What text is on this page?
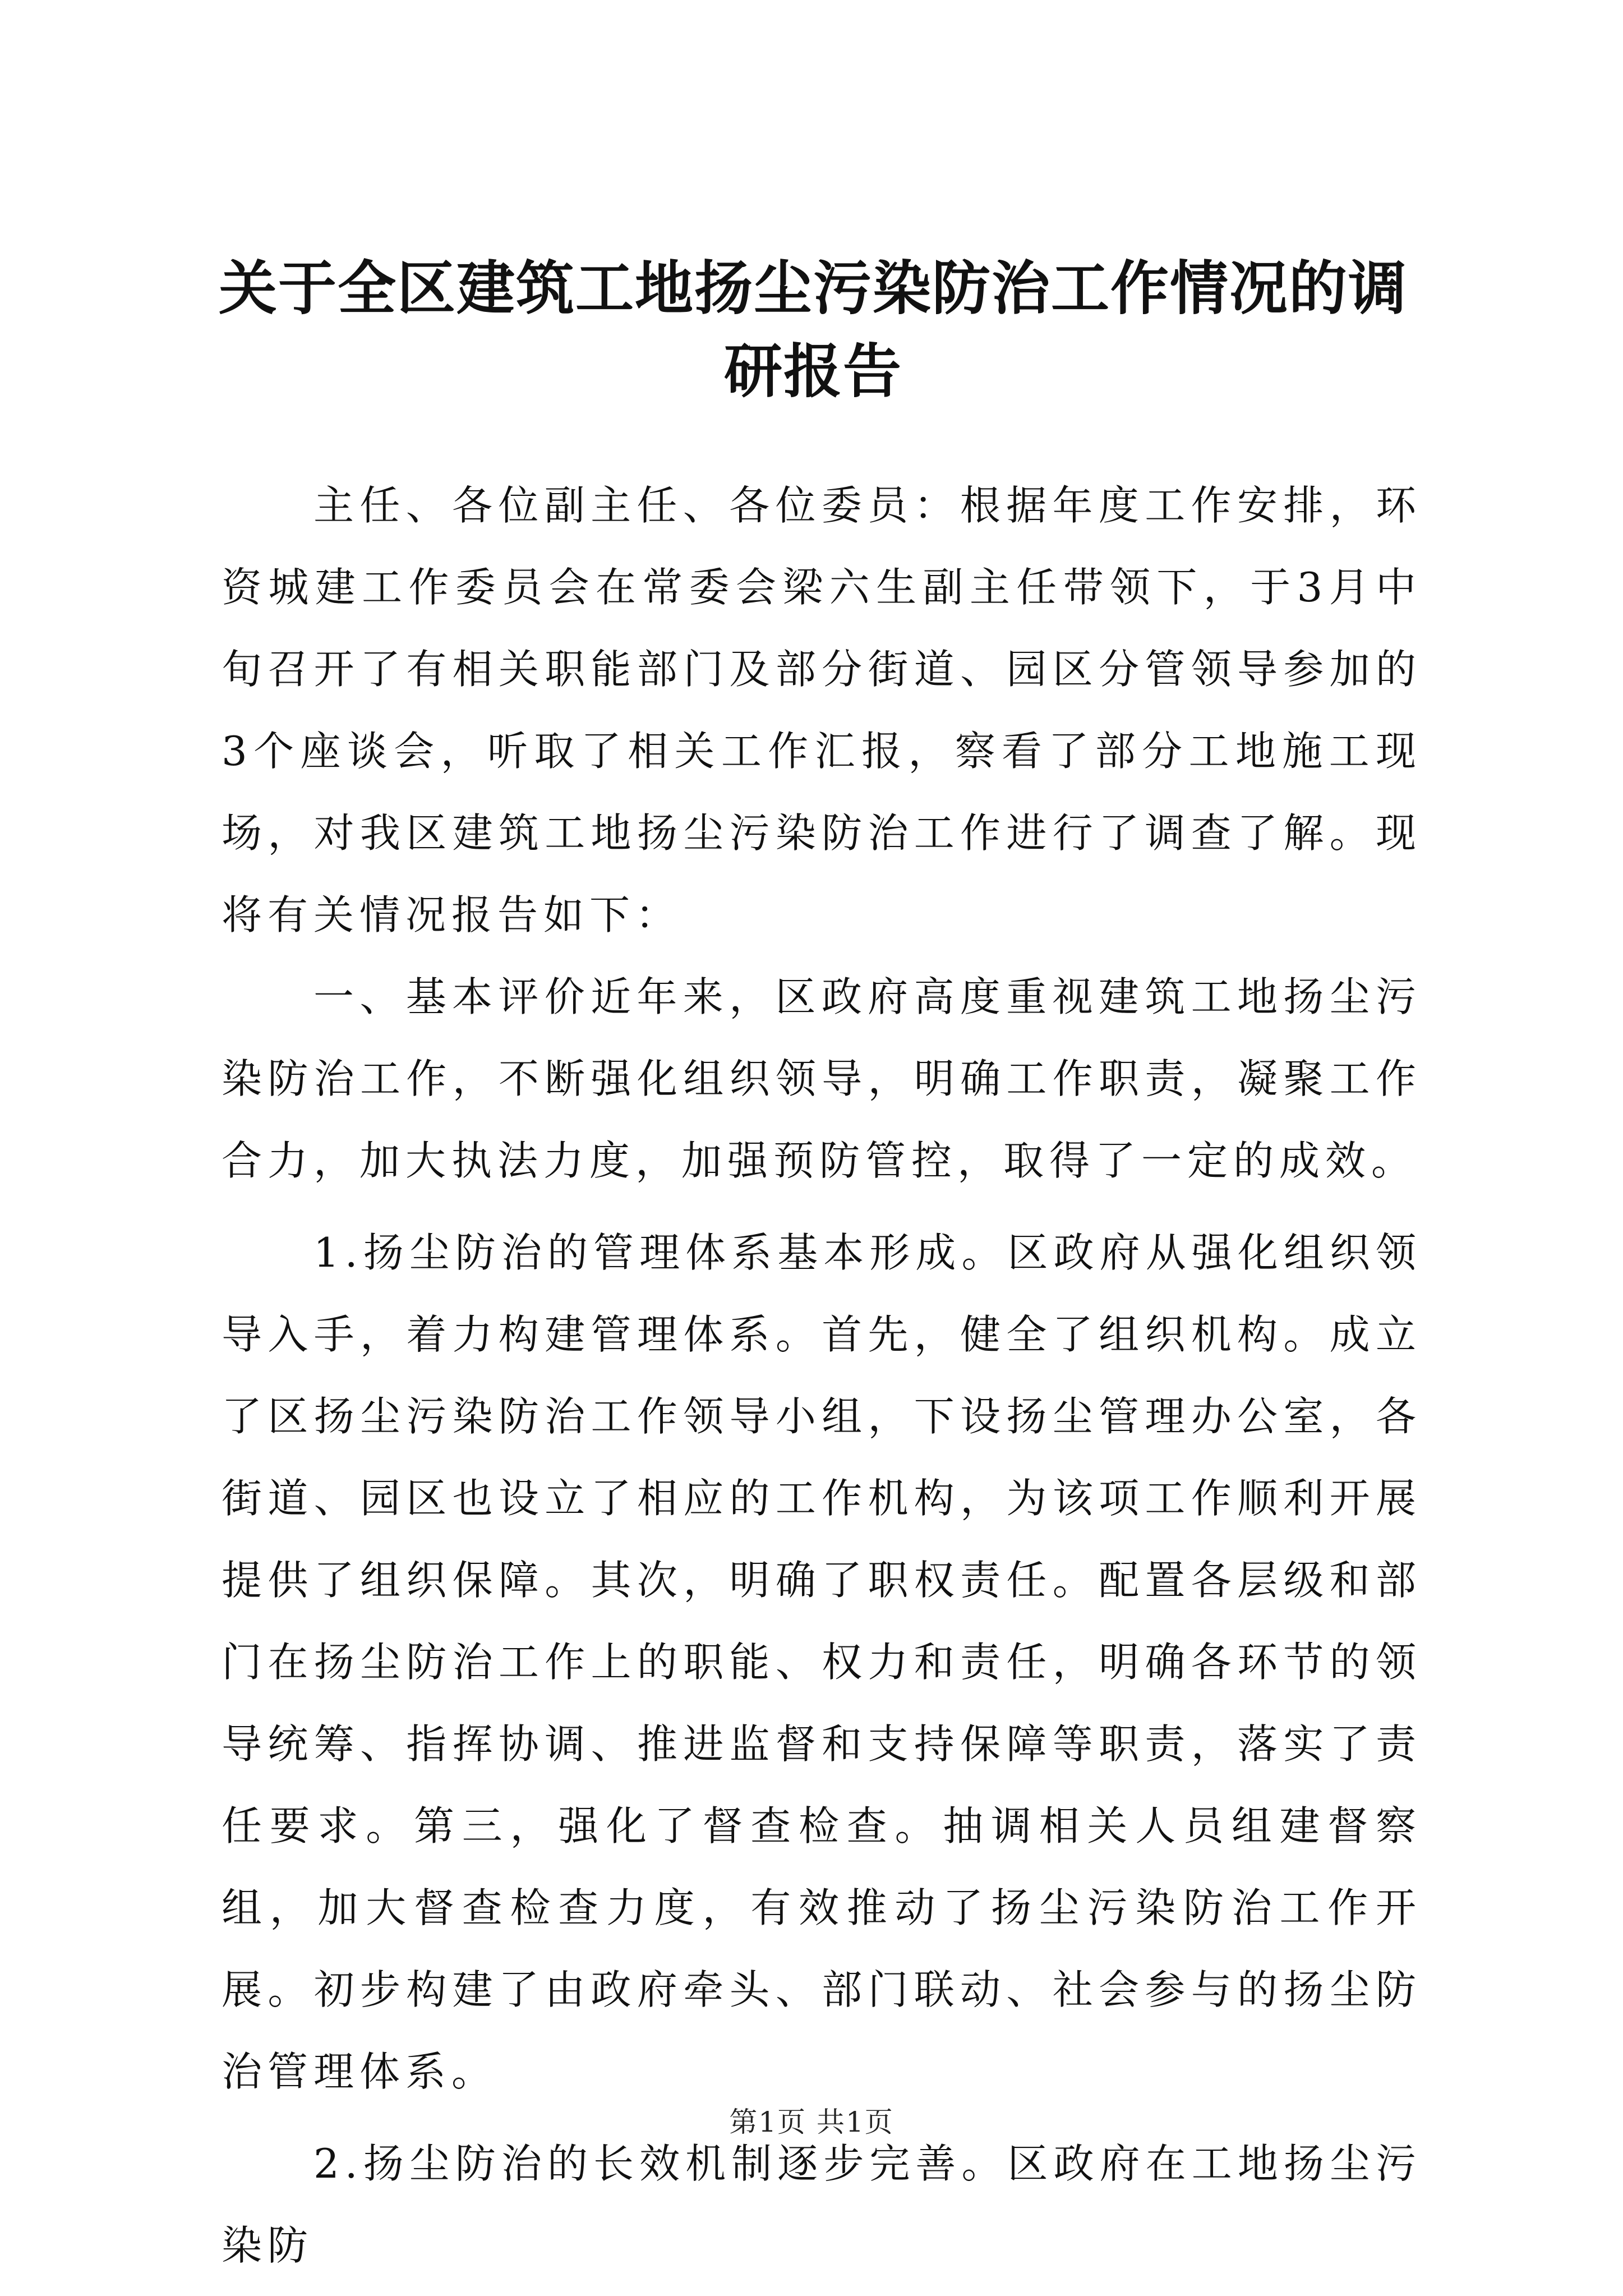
关于全区建筑工地扬尘污染防治工作情况的调
研报告

主任、各位副主任、各位委员：根据年度工作安排，环资城建工作委员会在常委会梁六生副主任带领下，于3月中旬召开了有相关职能部门及部分街道、园区分管领导参加的3个座谈会，听取了相关工作汇报，察看了部分工地施工现场，对我区建筑工地扬尘污染防治工作进行了调查了解。现将有关情况报告如下：

一、基本评价近年来，区政府高度重视建筑工地扬尘污染防治工作，不断强化组织领导，明确工作职责，凝聚工作合力，加大执法力度，加强预防管控，取得了一定的成效。

1.扬尘防治的管理体系基本形成。区政府从强化组织领导入手，着力构建管理体系。首先，健全了组织机构。成立了区扬尘污染防治工作领导小组，下设扬尘管理办公室，各街道、园区也设立了相应的工作机构，为该项工作顺利开展提供了组织保障。其次，明确了职权责任。配置各层级和部门在扬尘防治工作上的职能、权力和责任，明确各环节的领导统筹、指挥协调、推进监督和支持保障等职责，落实了责任要求。第三，强化了督查检查。抽调相关人员组建督察组，加大督查检查力度，有效推动了扬尘污染防治工作开展。初步构建了由政府牵头、部门联动、社会参与的扬尘防治管理体系。

2.扬尘防治的长效机制逐步完善。区政府在工地扬尘污染防

第1页 共1页
